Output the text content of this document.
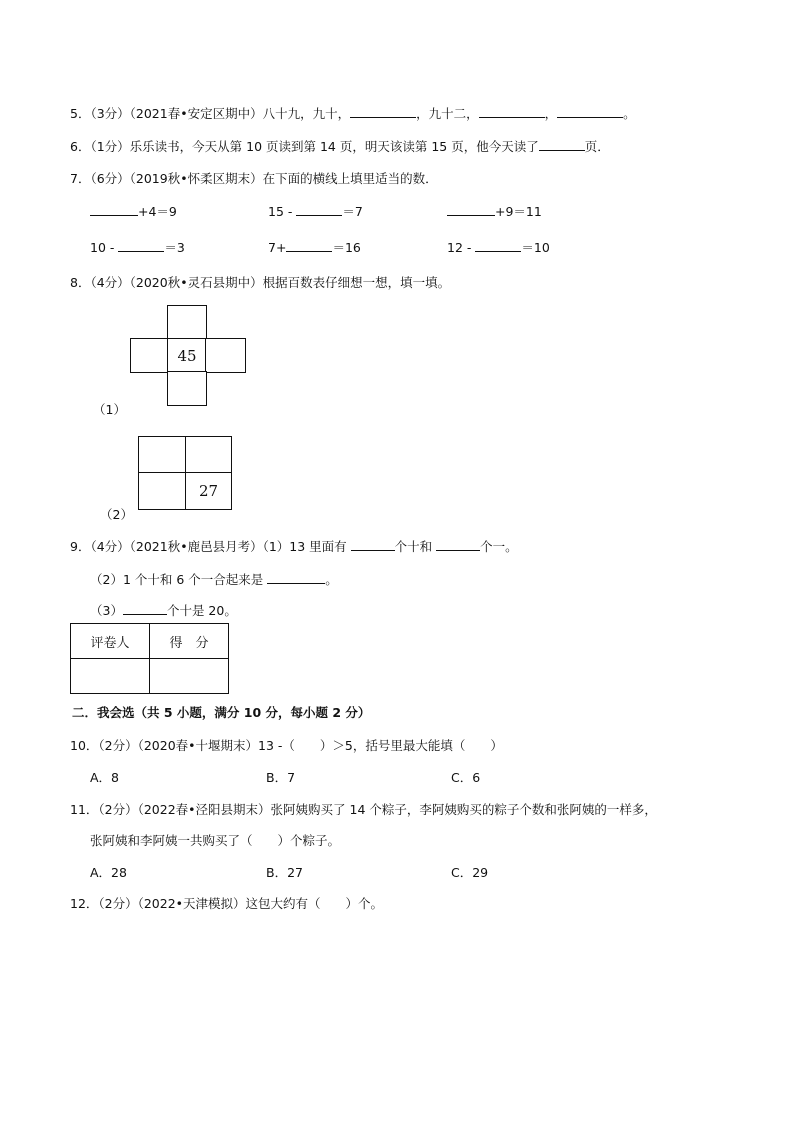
5．（3分）（2021春•安定区期中）八十九，九十，	，九十二，	，	。
6．（1分）乐乐读书，今天从第 10 页读到第 14 页，明天该读第 15 页，他今天读了	页．
7．（6分）（2019秋•怀柔区期末）在下面的横线上填里适当的数．
+4＝9	15 -	＝7	+9＝11
10 -	＝3	7+	＝16	12 -	＝10
8．（4分）（2020秋•灵石县期中）根据百数表仔细想一想，填一填。
45
（1）
27
（2）
9．（4分）（2021秋•鹿邑县月考）（1）13 里面有	个十和	个一。
（2）1 个十和 6 个一合起来是	。
（3）	个十是 20。
评卷人	得　分

二．我会选（共 5 小题，满分 10 分，每小题 2 分）
10．（2分）（2020春•十堰期末）13 -（　　）＞5，括号里最大能填（　　）
A．8	B．7	C．6
11．（2分）（2022春•泾阳县期末）张阿姨购买了 14 个粽子，李阿姨购买的粽子个数和张阿姨的一样多，
张阿姨和李阿姨一共购买了（　　）个粽子。
A．28	B．27	C．29
12．（2分）（2022•天津模拟）这包大约有（　　）个。
